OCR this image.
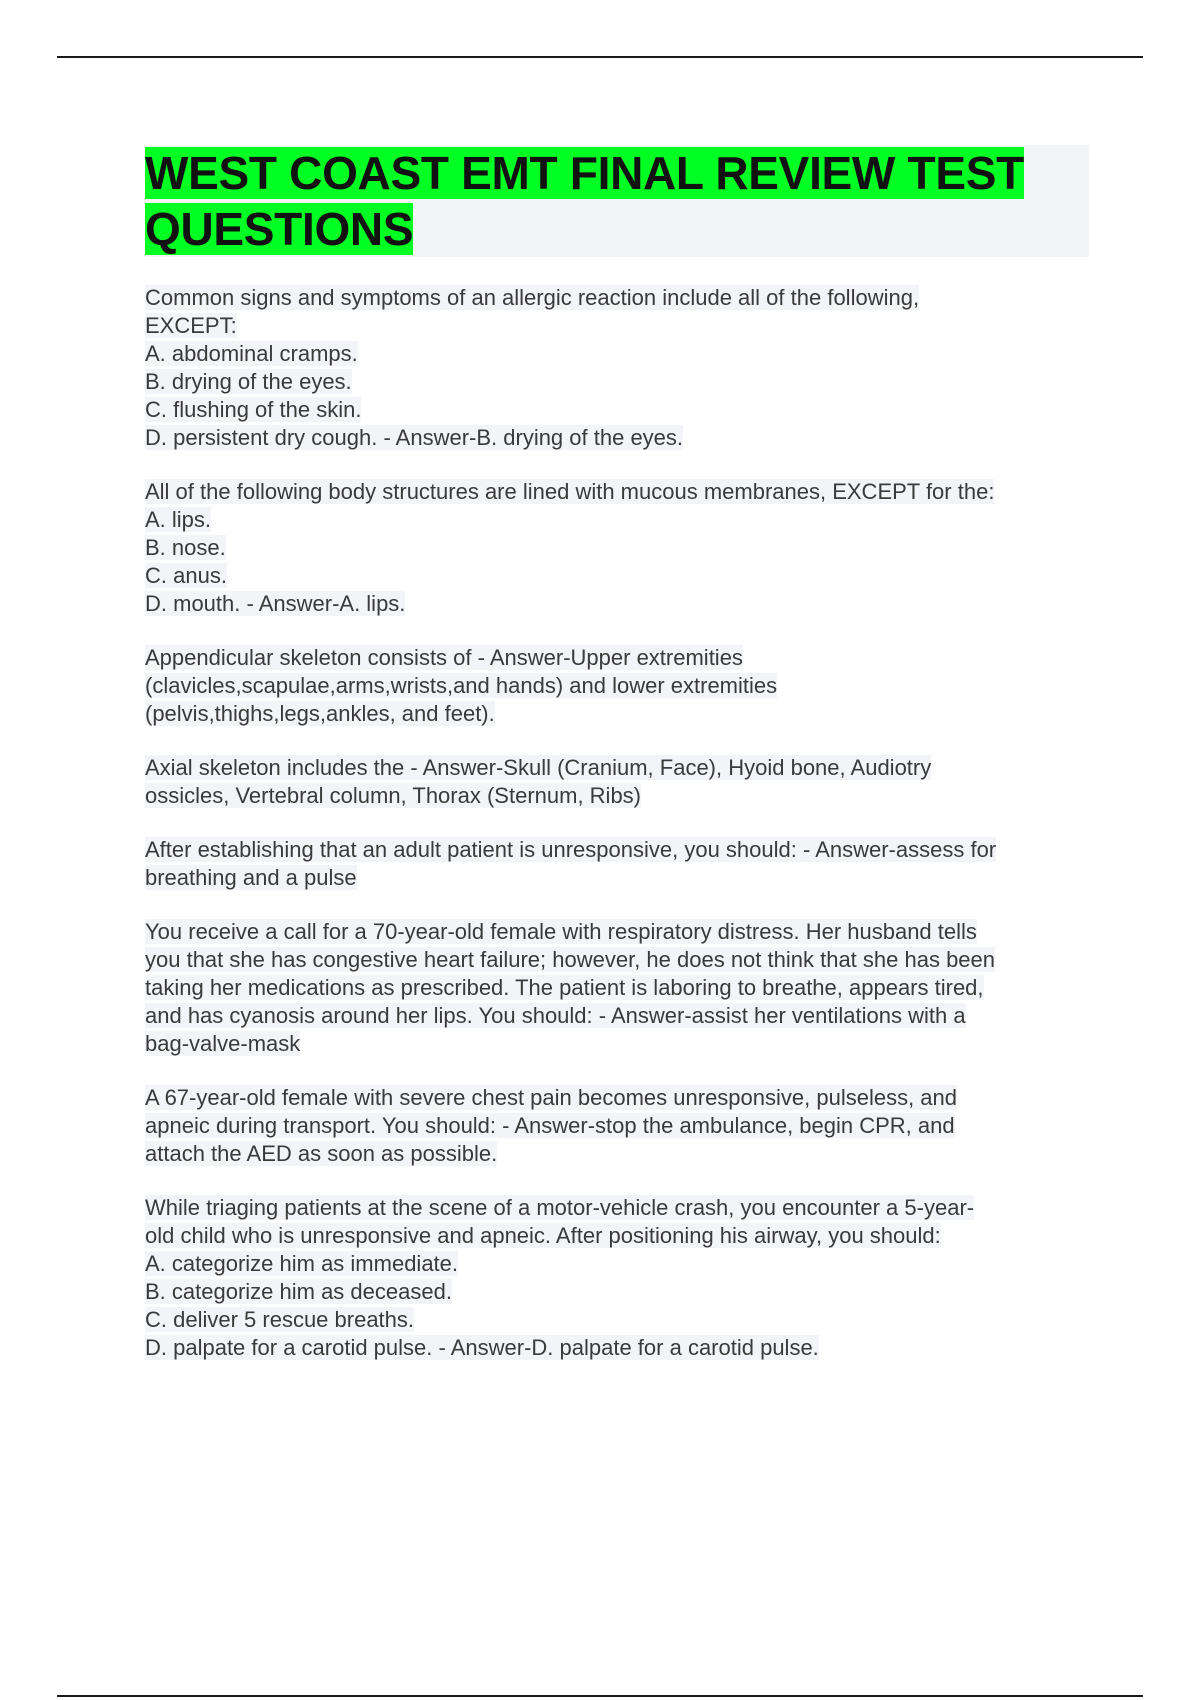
WEST COAST EMT FINAL REVIEW TEST
QUESTIONS
Common signs and symptoms of an allergic reaction include all of the following,
EXCEPT:
A. abdominal cramps.
B. drying of the eyes.
C. flushing of the skin.
D. persistent dry cough. - Answer-B. drying of the eyes.
All of the following body structures are lined with mucous membranes, EXCEPT for the:
A. lips.
B. nose.
C. anus.
D. mouth. - Answer-A. lips.
Appendicular skeleton consists of - Answer-Upper extremities
(clavicles,scapulae,arms,wrists,and hands) and lower extremities
(pelvis,thighs,legs,ankles, and feet).
Axial skeleton includes the - Answer-Skull (Cranium, Face), Hyoid bone, Audiotry
ossicles, Vertebral column, Thorax (Sternum, Ribs)
After establishing that an adult patient is unresponsive, you should: - Answer-assess for
breathing and a pulse
You receive a call for a 70-year-old female with respiratory distress. Her husband tells
you that she has congestive heart failure; however, he does not think that she has been
taking her medications as prescribed. The patient is laboring to breathe, appears tired,
and has cyanosis around her lips. You should: - Answer-assist her ventilations with a
bag-valve-mask
A 67-year-old female with severe chest pain becomes unresponsive, pulseless, and
apneic during transport. You should: - Answer-stop the ambulance, begin CPR, and
attach the AED as soon as possible.
While triaging patients at the scene of a motor-vehicle crash, you encounter a 5-year-
old child who is unresponsive and apneic. After positioning his airway, you should:
A. categorize him as immediate.
B. categorize him as deceased.
C. deliver 5 rescue breaths.
D. palpate for a carotid pulse. - Answer-D. palpate for a carotid pulse.
